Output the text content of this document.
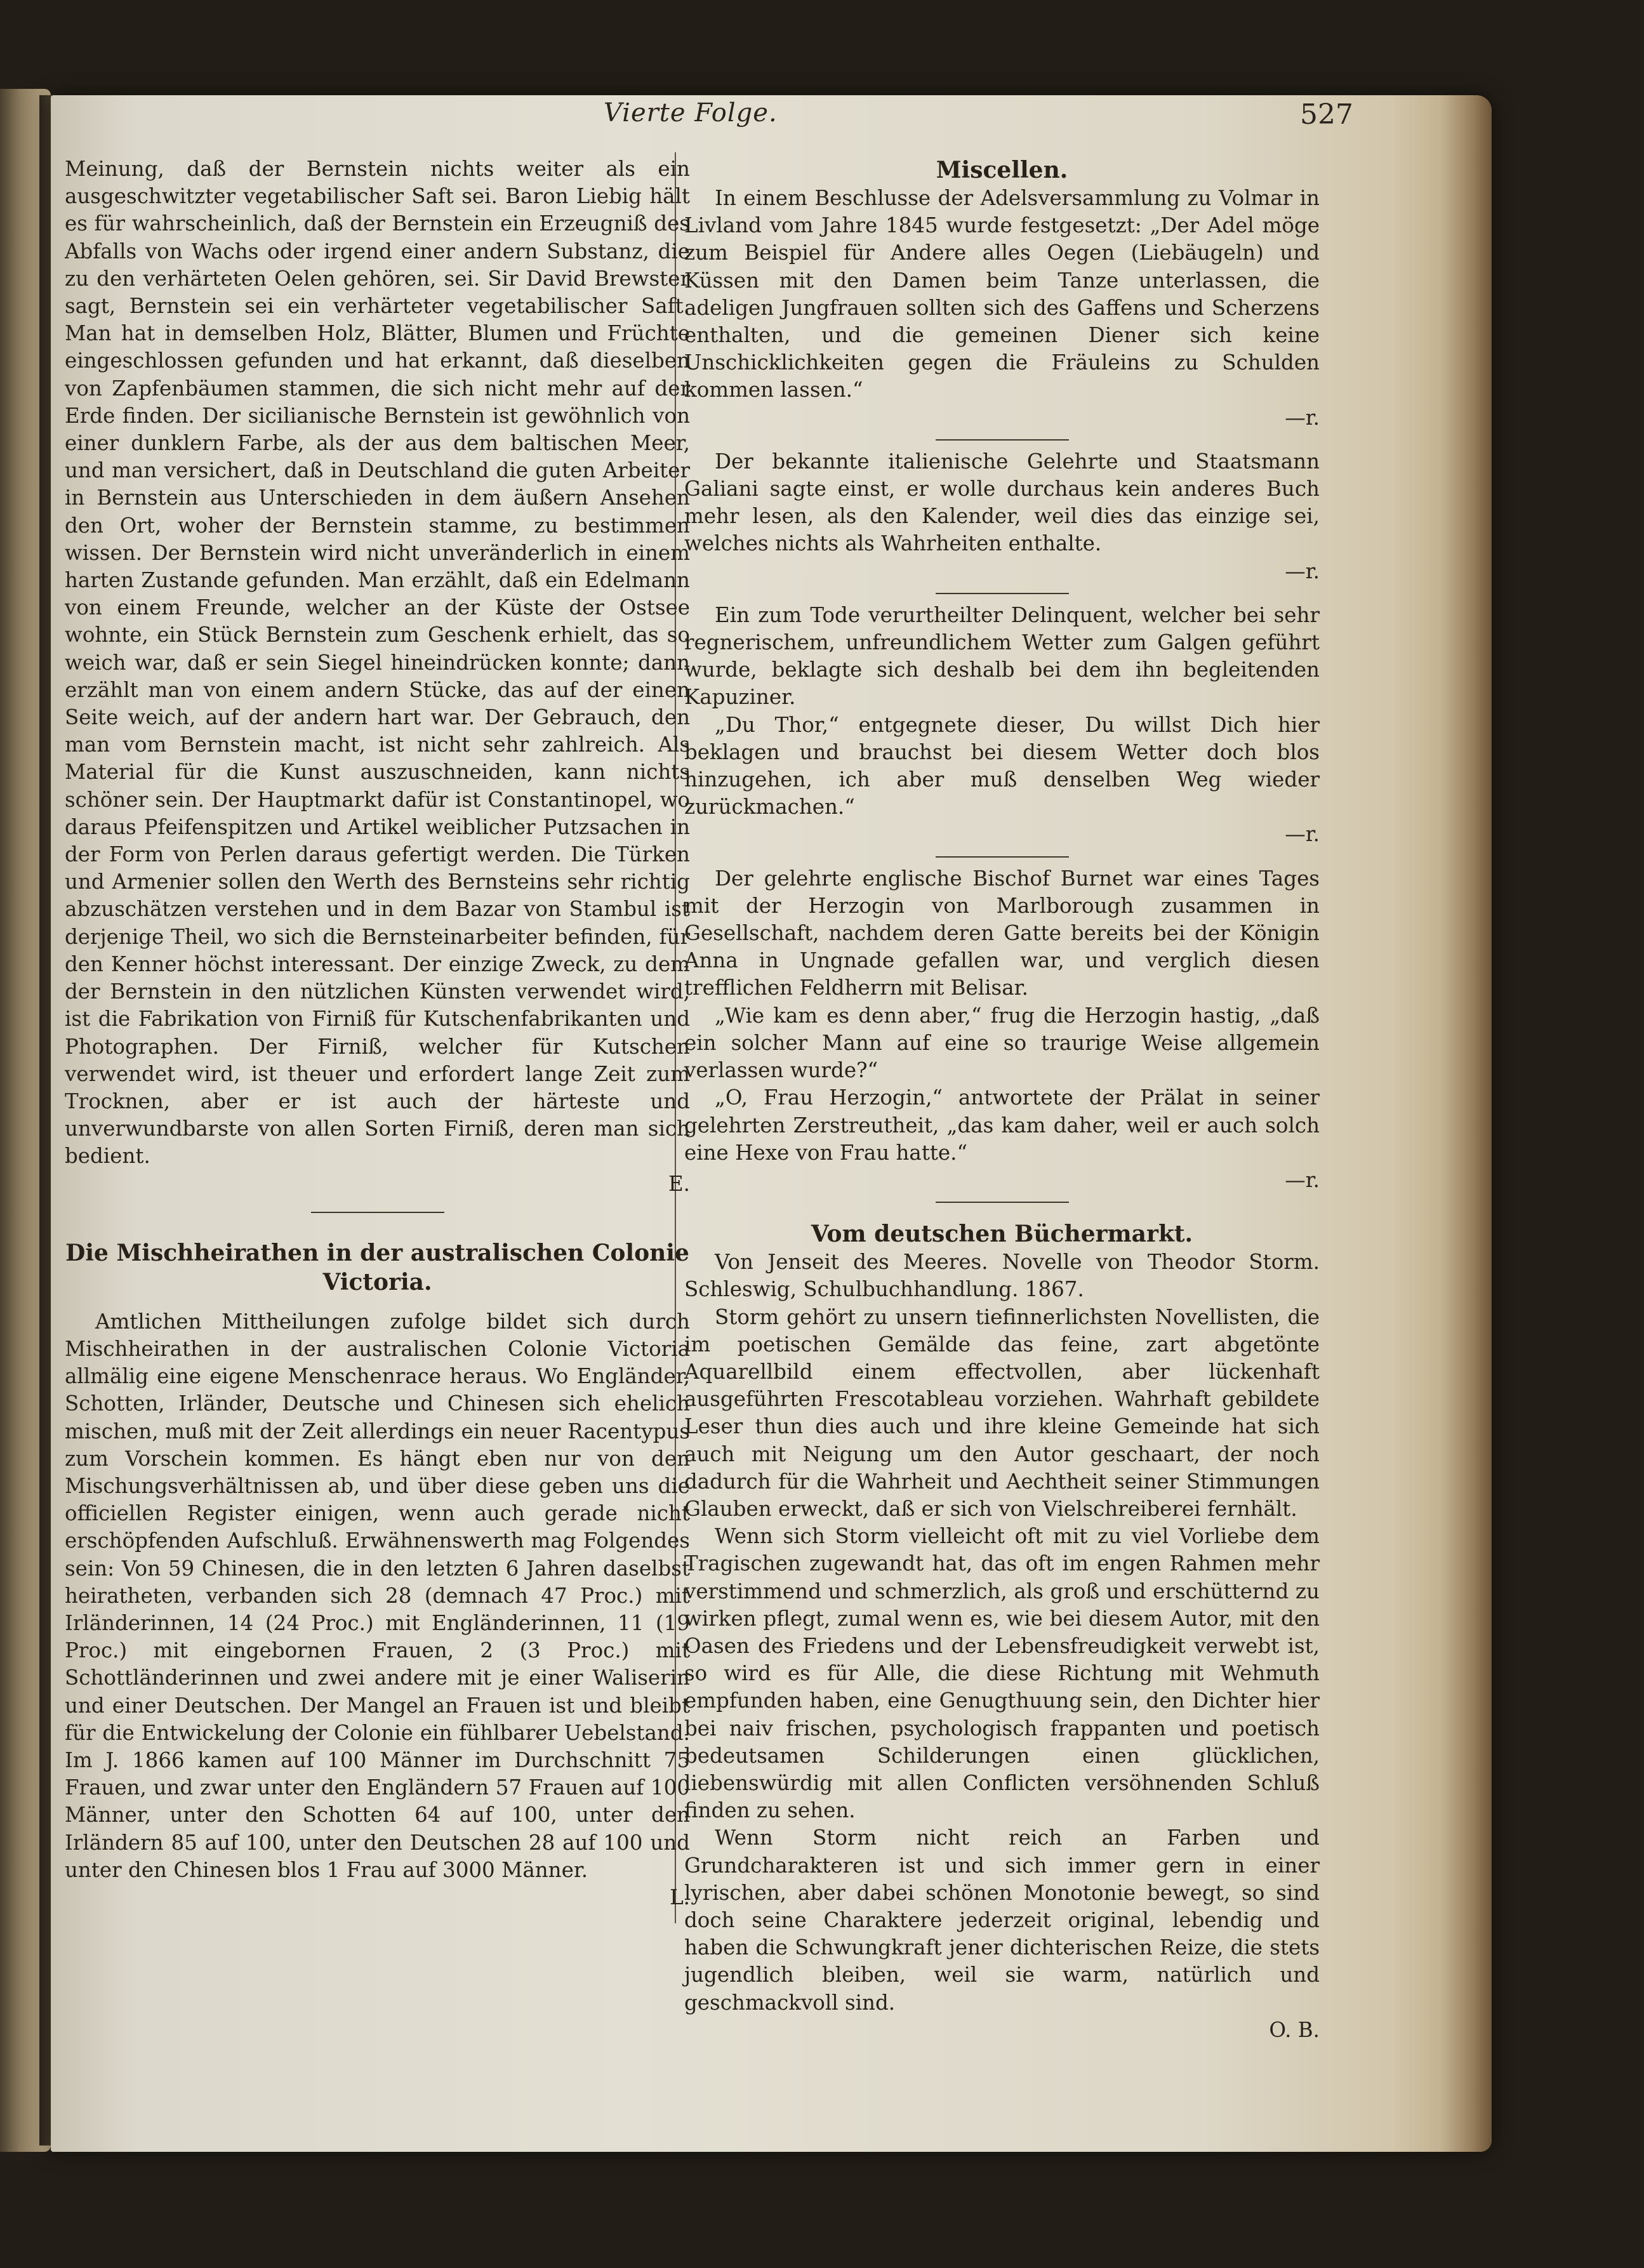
Vierte Folge.	527

Meinung, daß der Bernstein nichts weiter als ein ausgeschwitzter vegetabilischer Saft sei. Baron Liebig hält es für wahrscheinlich, daß der Bernstein ein Erzeugniß des Abfalls von Wachs oder irgend einer andern Substanz, die zu den verhärteten Oelen gehören, sei. Sir David Brewster sagt, Bernstein sei ein verhärteter vegetabilischer Saft. Man hat in demselben Holz, Blätter, Blumen und Früchte eingeschlossen gefunden und hat erkannt, daß dieselben von Zapfenbäumen stammen, die sich nicht mehr auf der Erde finden. Der sicilianische Bernstein ist gewöhnlich von einer dunklern Farbe, als der aus dem baltischen Meer, und man versichert, daß in Deutschland die guten Arbeiter in Bernstein aus Unterschieden in dem äußern Ansehen den Ort, woher der Bernstein stamme, zu bestimmen wissen. Der Bernstein wird nicht unveränderlich in einem harten Zustande gefunden. Man erzählt, daß ein Edelmann von einem Freunde, welcher an der Küste der Ostsee wohnte, ein Stück Bernstein zum Geschenk erhielt, das so weich war, daß er sein Siegel hineindrücken konnte; dann erzählt man von einem andern Stücke, das auf der einen Seite weich, auf der andern hart war. Der Gebrauch, den man vom Bernstein macht, ist nicht sehr zahlreich. Als Material für die Kunst auszuschneiden, kann nichts schöner sein. Der Hauptmarkt dafür ist Constantinopel, wo daraus Pfeifenspitzen und Artikel weiblicher Putzsachen in der Form von Perlen daraus gefertigt werden. Die Türken und Armenier sollen den Werth des Bernsteins sehr richtig abzuschätzen verstehen und in dem Bazar von Stambul ist derjenige Theil, wo sich die Bernsteinarbeiter befinden, für den Kenner höchst interessant. Der einzige Zweck, zu dem der Bernstein in den nützlichen Künsten verwendet wird, ist die Fabrikation von Firniß für Kutschenfabrikanten und Photographen. Der Firniß, welcher für Kutschen verwendet wird, ist theuer und erfordert lange Zeit zum Trocknen, aber er ist auch der härteste und unverwundbarste von allen Sorten Firniß, deren man sich bedient.

E.

Die Mischheirathen in der australischen Colonie Victoria.

Amtlichen Mittheilungen zufolge bildet sich durch Mischheirathen in der australischen Colonie Victoria allmälig eine eigene Menschenrace heraus. Wo Engländer, Schotten, Irländer, Deutsche und Chinesen sich ehelich mischen, muß mit der Zeit allerdings ein neuer Racentypus zum Vorschein kommen. Es hängt eben nur von den Mischungsverhältnissen ab, und über diese geben uns die officiellen Register einigen, wenn auch gerade nicht erschöpfenden Aufschluß. Erwähnenswerth mag Folgendes sein: Von 59 Chinesen, die in den letzten 6 Jahren daselbst heiratheten, verbanden sich 28 (demnach 47 Proc.) mit Irländerinnen, 14 (24 Proc.) mit Engländerinnen, 11 (19 Proc.) mit eingebornen Frauen, 2 (3 Proc.) mit Schottländerinnen und zwei andere mit je einer Waliserin und einer Deutschen. Der Mangel an Frauen ist und bleibt für die Entwickelung der Colonie ein fühlbarer Uebelstand. Im J. 1866 kamen auf 100 Männer im Durchschnitt 75 Frauen, und zwar unter den Engländern 57 Frauen auf 100 Männer, unter den Schotten 64 auf 100, unter den Irländern 85 auf 100, unter den Deutschen 28 auf 100 und unter den Chinesen blos 1 Frau auf 3000 Männer.

L.

Miscellen.

In einem Beschlusse der Adelsversammlung zu Volmar in Livland vom Jahre 1845 wurde festgesetzt: „Der Adel möge zum Beispiel für Andere alles Oegen (Liebäugeln) und Küssen mit den Damen beim Tanze unterlassen, die adeligen Jungfrauen sollten sich des Gaffens und Scherzens enthalten, und die gemeinen Diener sich keine Unschicklichkeiten gegen die Fräuleins zu Schulden kommen lassen.“

—r.

Der bekannte italienische Gelehrte und Staatsmann Galiani sagte einst, er wolle durchaus kein anderes Buch mehr lesen, als den Kalender, weil dies das einzige sei, welches nichts als Wahrheiten enthalte.

—r.

Ein zum Tode verurtheilter Delinquent, welcher bei sehr regnerischem, unfreundlichem Wetter zum Galgen geführt wurde, beklagte sich deshalb bei dem ihn begleitenden Kapuziner.

„Du Thor,“ entgegnete dieser, Du willst Dich hier beklagen und brauchst bei diesem Wetter doch blos hinzugehen, ich aber muß denselben Weg wieder zurückmachen.“

—r.

Der gelehrte englische Bischof Burnet war eines Tages mit der Herzogin von Marlborough zusammen in Gesellschaft, nachdem deren Gatte bereits bei der Königin Anna in Ungnade gefallen war, und verglich diesen trefflichen Feldherrn mit Belisar.

„Wie kam es denn aber,“ frug die Herzogin hastig, „daß ein solcher Mann auf eine so traurige Weise allgemein verlassen wurde?“

„O, Frau Herzogin,“ antwortete der Prälat in seiner gelehrten Zerstreutheit, „das kam daher, weil er auch solch eine Hexe von Frau hatte.“

—r.

Vom deutschen Büchermarkt.

Von Jenseit des Meeres. Novelle von Theodor Storm. Schleswig, Schulbuchhandlung. 1867.

Storm gehört zu unsern tiefinnerlichsten Novellisten, die im poetischen Gemälde das feine, zart abgetönte Aquarellbild einem effectvollen, aber lückenhaft ausgeführten Frescotableau vorziehen. Wahrhaft gebildete Leser thun dies auch und ihre kleine Gemeinde hat sich auch mit Neigung um den Autor geschaart, der noch dadurch für die Wahrheit und Aechtheit seiner Stimmungen Glauben erweckt, daß er sich von Vielschreiberei fernhält.

Wenn sich Storm vielleicht oft mit zu viel Vorliebe dem Tragischen zugewandt hat, das oft im engen Rahmen mehr verstimmend und schmerzlich, als groß und erschütternd zu wirken pflegt, zumal wenn es, wie bei diesem Autor, mit den Oasen des Friedens und der Lebensfreudigkeit verwebt ist, so wird es für Alle, die diese Richtung mit Wehmuth empfunden haben, eine Genugthuung sein, den Dichter hier bei naiv frischen, psychologisch frappanten und poetisch bedeutsamen Schilderungen einen glücklichen, liebenswürdig mit allen Conflicten versöhnenden Schluß finden zu sehen.

Wenn Storm nicht reich an Farben und Grundcharakteren ist und sich immer gern in einer lyrischen, aber dabei schönen Monotonie bewegt, so sind doch seine Charaktere jederzeit original, lebendig und haben die Schwungkraft jener dichterischen Reize, die stets jugendlich bleiben, weil sie warm, natürlich und geschmackvoll sind.

O. B.
